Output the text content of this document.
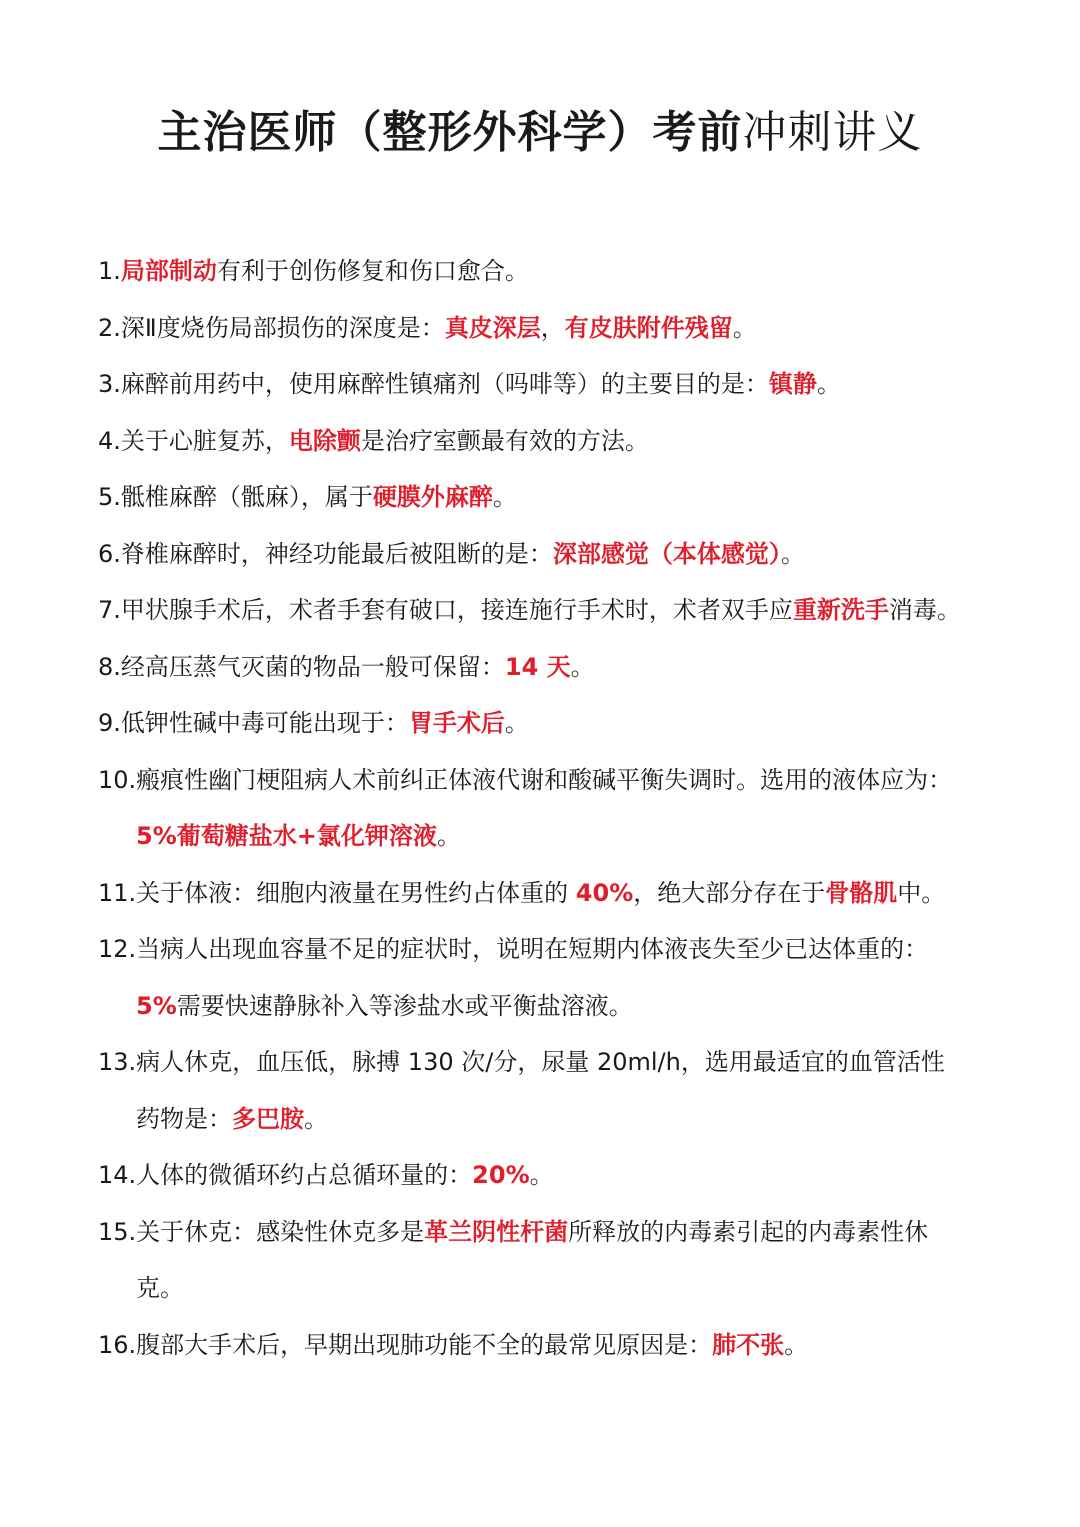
主治医师（整形外科学）考前冲刺讲义
1.局部制动有利于创伤修复和伤口愈合。
2.深Ⅱ度烧伤局部损伤的深度是：真皮深层，有皮肤附件残留。
3.麻醉前用药中，使用麻醉性镇痛剂（吗啡等）的主要目的是：镇静。
4.关于心脏复苏，电除颤是治疗室颤最有效的方法。
5.骶椎麻醉（骶麻），属于硬膜外麻醉。
6.脊椎麻醉时，神经功能最后被阻断的是：深部感觉（本体感觉）。
7.甲状腺手术后，术者手套有破口，接连施行手术时，术者双手应重新洗手消毒。
8.经高压蒸气灭菌的物品一般可保留：14 天。
9.低钾性碱中毒可能出现于：胃手术后。
10.瘢痕性幽门梗阻病人术前纠正体液代谢和酸碱平衡失调时。选用的液体应为：
5%葡萄糖盐水+氯化钾溶液。
11.关于体液：细胞内液量在男性约占体重的 40%，绝大部分存在于骨骼肌中。
12.当病人出现血容量不足的症状时，说明在短期内体液丧失至少已达体重的：
5%需要快速静脉补入等渗盐水或平衡盐溶液。
13.病人休克，血压低，脉搏 130 次/分，尿量 20ml/h，选用最适宜的血管活性
药物是：多巴胺。
14.人体的微循环约占总循环量的：20%。
15.关于休克：感染性休克多是革兰阴性杆菌所释放的内毒素引起的内毒素性休
克。
16.腹部大手术后，早期出现肺功能不全的最常见原因是：肺不张。
